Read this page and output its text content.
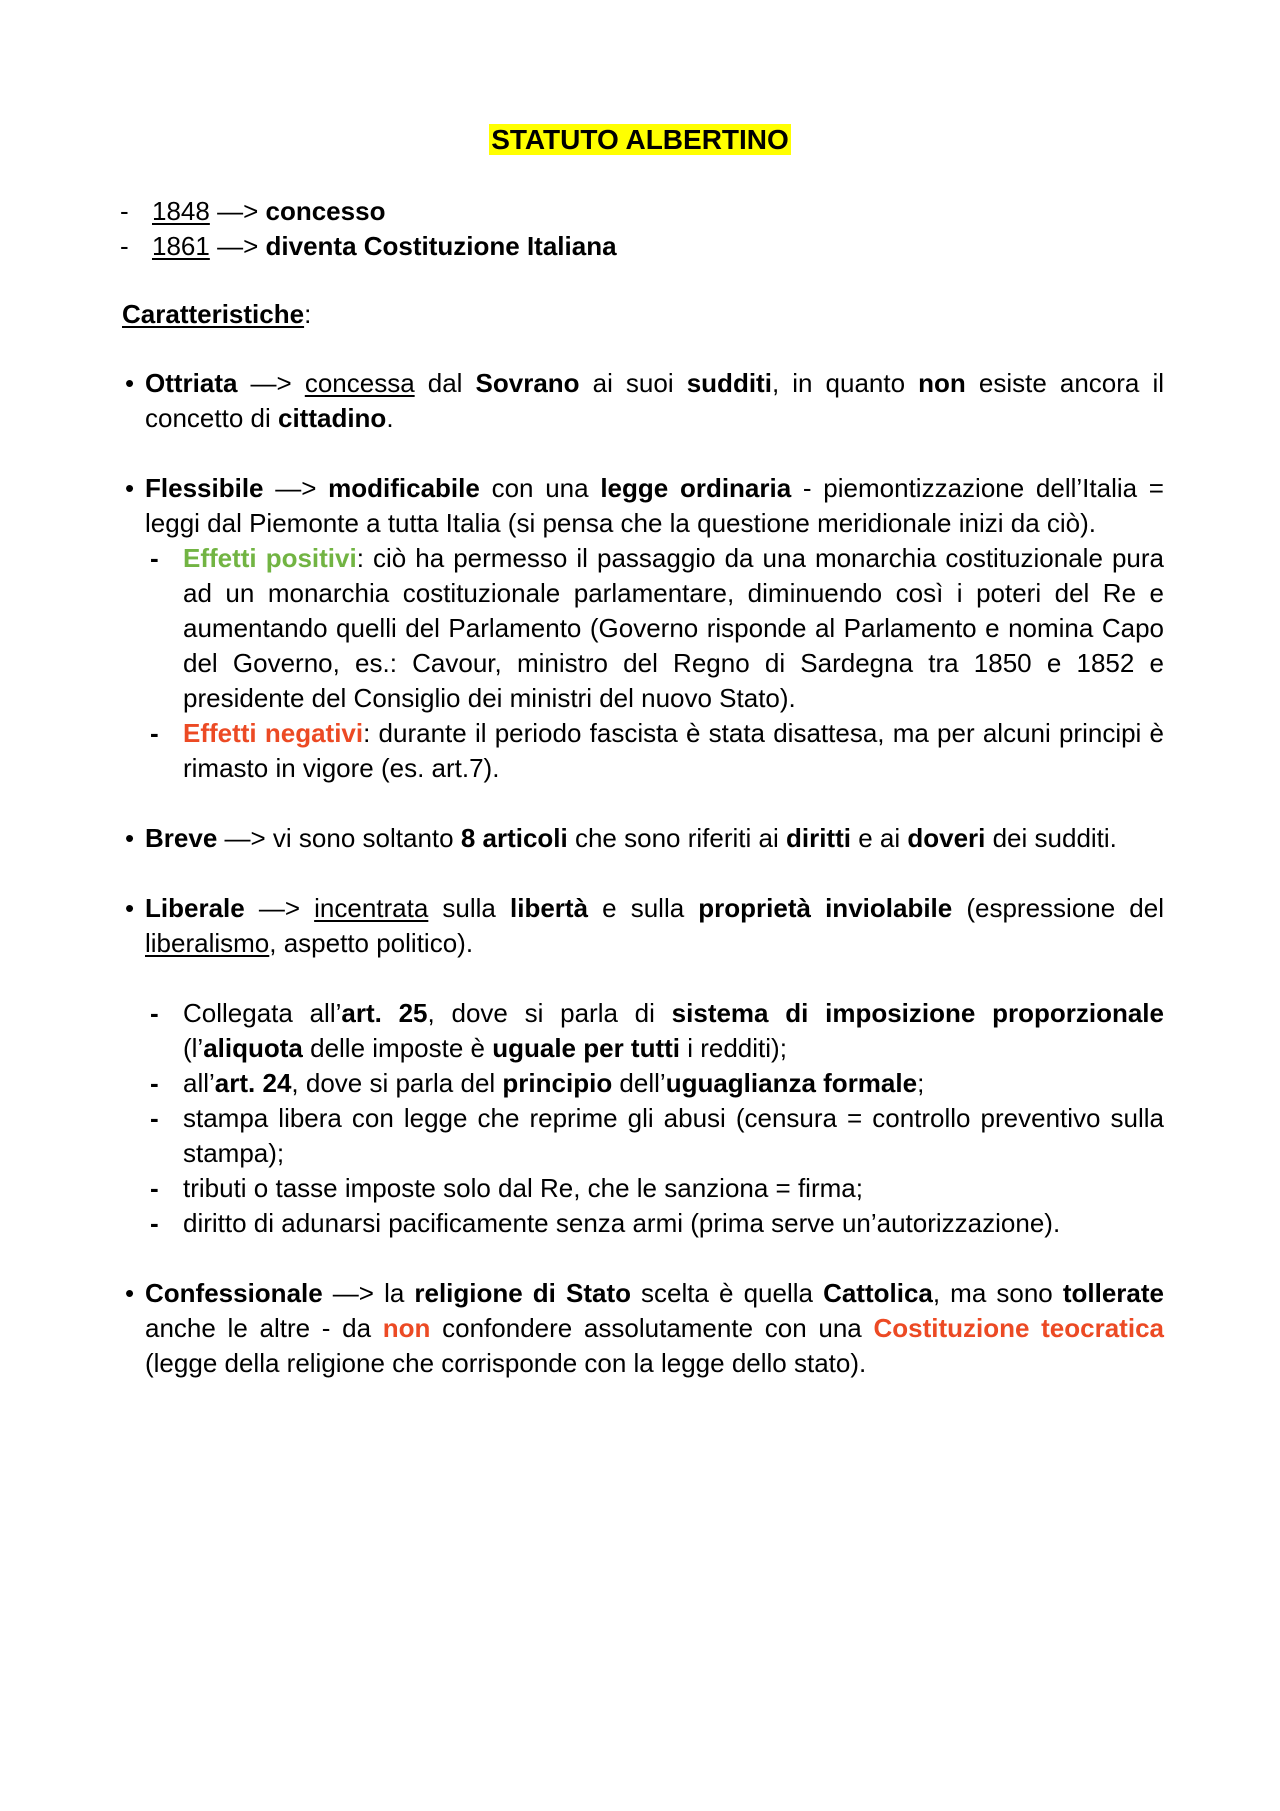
STATUTO ALBERTINO
- 1848 —> concesso
- 1861 —> diventa Costituzione Italiana
Caratteristiche:
• Ottriata —> concessa dal Sovrano ai suoi sudditi, in quanto non esiste ancora il concetto di cittadino.
• Flessibile —> modificabile con una legge ordinaria - piemontizzazione dell’Italia = leggi dal Piemonte a tutta Italia (si pensa che la questione meridionale inizi da ciò).
- Effetti positivi: ciò ha permesso il passaggio da una monarchia costituzionale pura ad un monarchia costituzionale parlamentare, diminuendo così i poteri del Re e aumentando quelli del Parlamento (Governo risponde al Parlamento e nomina Capo del Governo, es.: Cavour, ministro del Regno di Sardegna tra 1850 e 1852 e presidente del Consiglio dei ministri del nuovo Stato).
- Effetti negativi: durante il periodo fascista è stata disattesa, ma per alcuni principi è rimasto in vigore (es. art.7).
• Breve —> vi sono soltanto 8 articoli che sono riferiti ai diritti e ai doveri dei sudditi.
• Liberale —> incentrata sulla libertà e sulla proprietà inviolabile (espressione del liberalismo, aspetto politico).
- Collegata all’art. 25, dove si parla di sistema di imposizione proporzionale (l’aliquota delle imposte è uguale per tutti i redditi);
- all’art. 24, dove si parla del principio dell’uguaglianza formale;
- stampa libera con legge che reprime gli abusi (censura = controllo preventivo sulla stampa);
- tributi o tasse imposte solo dal Re, che le sanziona = firma;
- diritto di adunarsi pacificamente senza armi (prima serve un’autorizzazione).
• Confessionale —> la religione di Stato scelta è quella Cattolica, ma sono tollerate anche le altre - da non confondere assolutamente con una Costituzione teocratica (legge della religione che corrisponde con la legge dello stato).
